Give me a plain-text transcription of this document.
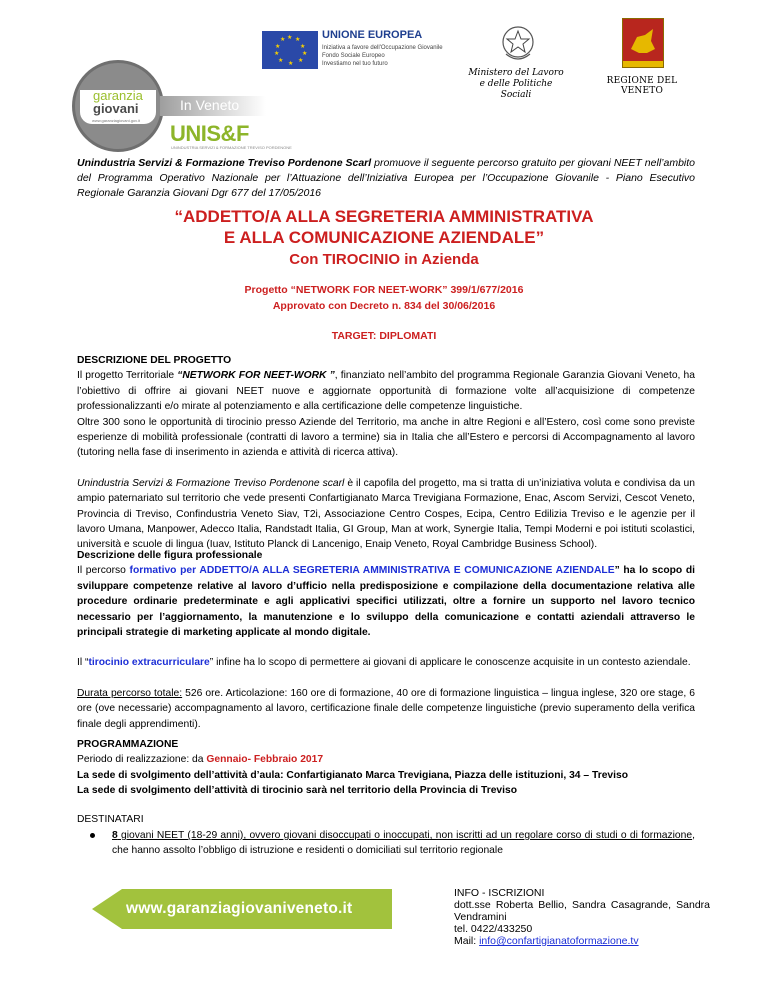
★ ★
★
★
★
★
★
★
★
★	UNIONE EUROPEA
Iniziativa a favore dell'Occupazione Giovanile
Fondo Sociale Europeo
Investiamo nel tuo futuro
Ministero del Lavoro
e delle Politiche Sociali
REGIONE DEL VENETO
garanzia
giovani
www.garanziagiovani.gov.it
In Veneto
UNIS&F
UNINDUSTRIA SERVIZI & FORMAZIONE TREVISO PORDENONE
Unindustria Servizi & Formazione Treviso Pordenone Scarl promuove il seguente percorso gratuito per giovani NEET nell’ambito del Programma Operativo Nazionale per l’Attuazione dell’Iniziativa Europea per l’Occupazione Giovanile - Piano Esecutivo Regionale Garanzia Giovani Dgr 677 del 17/05/2016
“ADDETTO/A ALLA SEGRETERIA AMMINISTRATIVA
E ALLA COMUNICAZIONE AZIENDALE”
Con TIROCINIO in Azienda
Progetto “NETWORK FOR NEET-WORK” 399/1/677/2016
Approvato con Decreto n. 834 del 30/06/2016
TARGET: DIPLOMATI
DESCRIZIONE DEL PROGETTO
Il progetto Territoriale “NETWORK FOR NEET-WORK ”, finanziato nell’ambito del programma Regionale Garanzia Giovani Veneto, ha l’obiettivo di offrire ai giovani NEET nuove e aggiornate opportunità di formazione volte all’acquisizione di competenze professionalizzanti e/o mirate al potenziamento e alla certificazione delle competenze linguistiche.
Oltre 300 sono le opportunità di tirocinio presso Aziende del Territorio, ma anche in altre Regioni e all’Estero, così come sono previste esperienze di mobilità professionale (contratti di lavoro a termine) sia in Italia che all’Estero e percorsi di Accompagnamento al lavoro (tutoring nella fase di inserimento in azienda e attività di ricerca attiva).
Unindustria Servizi & Formazione Treviso Pordenone scarl è il capofila del progetto, ma si tratta di un’iniziativa voluta e condivisa da un ampio paternariato sul territorio che vede presenti Confartigianato Marca Trevigiana Formazione, Enac, Ascom Servizi, Cescot Veneto, Provincia di Treviso, Confindustria Veneto Siav, T2i, Associazione Centro Cospes, Ecipa, Centro Edilizia Treviso e le agenzie per il lavoro Umana, Manpower, Adecco Italia, Randstadt Italia, GI Group, Man at work, Synergie Italia, Tempi Moderni e poi istituti scolastici, università e scuole di lingua (Iuav, Istituto Planck di Lancenigo, Enaip Veneto, Royal Cambridge Business School).
Descrizione delle figura professionale
Il percorso formativo per ADDETTO/A ALLA SEGRETERIA AMMINISTRATIVA E COMUNICAZIONE AZIENDALE” ha lo scopo di sviluppare competenze relative al lavoro d’ufficio nella predisposizione e compilazione della documentazione relativa alle procedure ordinarie predeterminate e agli applicativi specifici utilizzati, oltre a fornire un supporto nel lavoro tecnico necessario per l’aggiornamento, la manutenzione e lo sviluppo della comunicazione e contatti aziendali attraverso le principali strategie di marketing applicate al mondo digitale.
Il “tirocinio extracurriculare” infine ha lo scopo di permettere ai giovani di applicare le conoscenze acquisite in un contesto aziendale.
Durata percorso totale: 526 ore. Articolazione: 160 ore di formazione, 40 ore di formazione linguistica – lingua inglese, 320 ore stage, 6 ore (ove necessarie) accompagnamento al lavoro, certificazione finale delle competenze linguistiche (previo superamento della verifica finale degli apprendimenti).
PROGRAMMAZIONE
Periodo di realizzazione: da Gennaio- Febbraio 2017
La sede di svolgimento dell’attività d’aula: Confartigianato Marca Trevigiana, Piazza delle istituzioni, 34 – Treviso
La sede di svolgimento dell’attività di tirocinio sarà nel territorio della Provincia di Treviso
DESTINATARI
8 giovani NEET (18-29 anni), ovvero giovani disoccupati o inoccupati, non iscritti ad un regolare corso di studi o di formazione, che hanno assolto l’obbligo di istruzione e residenti o domiciliati sul territorio regionale
www.garanziagiovaniveneto.it
INFO - ISCRIZIONI
dott.sse Roberta Bellio, Sandra Casagrande, Sandra Vendramini
tel. 0422/433250
Mail: info@confartigianatoformazione.tv
